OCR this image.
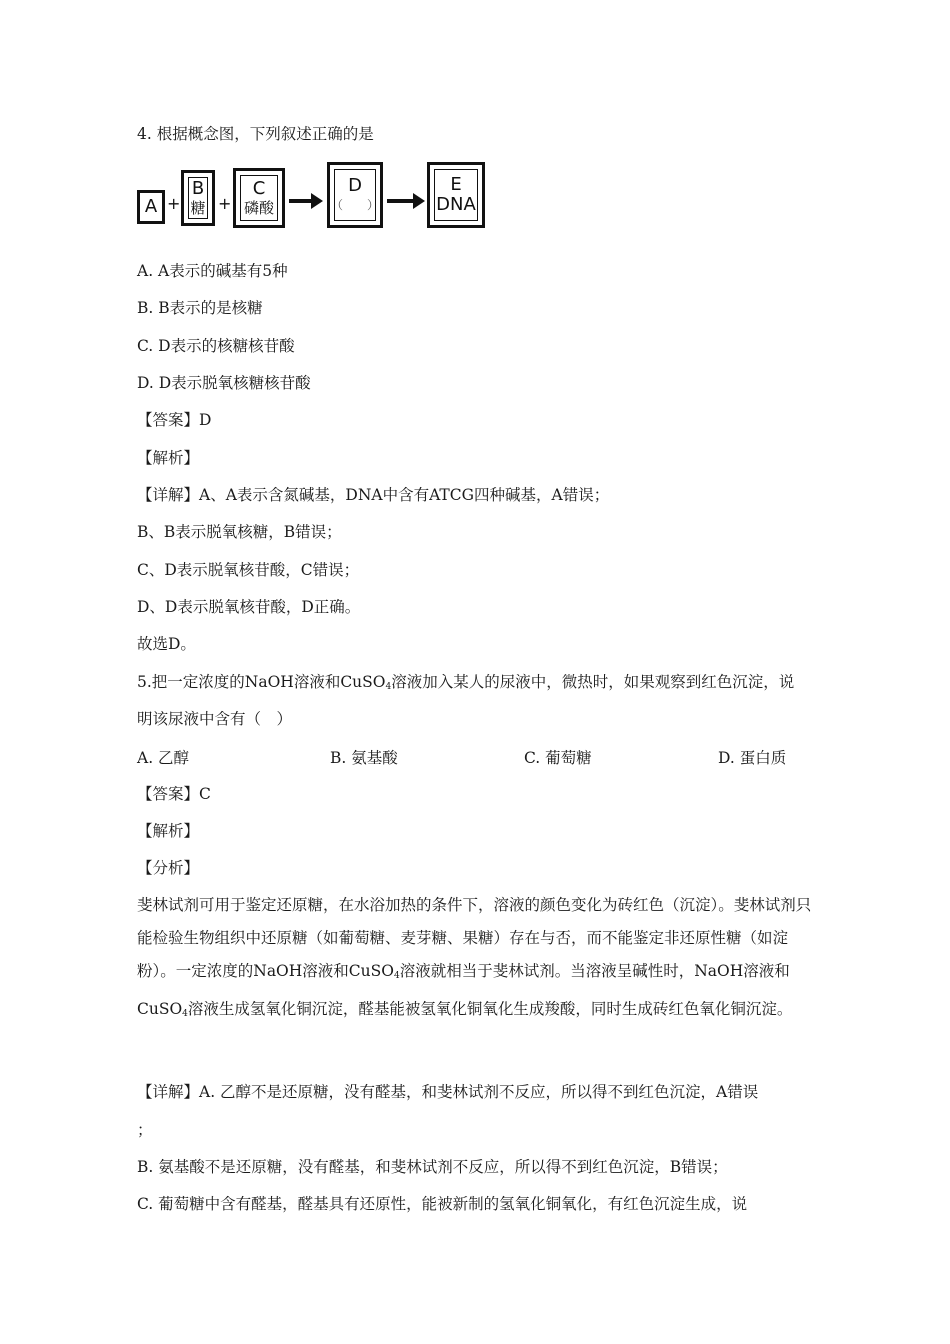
4. 根据概念图，下列叙述正确的是
A +
B
糖 +
C
磷酸
D
（　　）
E
DNA
A. A表示的碱基有5种
B. B表示的是核糖
C. D表示的核糖核苷酸
D. D表示脱氧核糖核苷酸
【答案】D
【解析】
【详解】A、A表示含氮碱基，DNA中含有ATCG四种碱基，A错误；
B、B表示脱氧核糖，B错误；
C、D表示脱氧核苷酸，C错误；
D、D表示脱氧核苷酸，D正确。
故选D。
5.把一定浓度的NaOH溶液和CuSO$_4$溶液加入某人的尿液中，微热时，如果观察到红色沉淀，说
明该尿液中含有（　）
A. 乙醇	B. 氨基酸	C. 葡萄糖	D. 蛋白质
【答案】C
【解析】
【分析】
斐林试剂可用于鉴定还原糖，在水浴加热的条件下，溶液的颜色变化为砖红色（沉淀）。斐林试剂只能检验生物组织中还原糖（如葡萄糖、麦芽糖、果糖）存在与否，而不能鉴定非还原性糖（如淀粉）。一定浓度的NaOH溶液和CuSO$_4$溶液就相当于斐林试剂。当溶液呈碱性时，NaOH溶液和CuSO$_4$溶液生成氢氧化铜沉淀，醛基能被氢氧化铜氧化生成羧酸，同时生成砖红色氧化铜沉淀。
【详解】A. 乙醇不是还原糖，没有醛基，和斐林试剂不反应，所以得不到红色沉淀，A错误
；
B. 氨基酸不是还原糖，没有醛基，和斐林试剂不反应，所以得不到红色沉淀，B错误；
C. 葡萄糖中含有醛基，醛基具有还原性，能被新制的氢氧化铜氧化，有红色沉淀生成，说
